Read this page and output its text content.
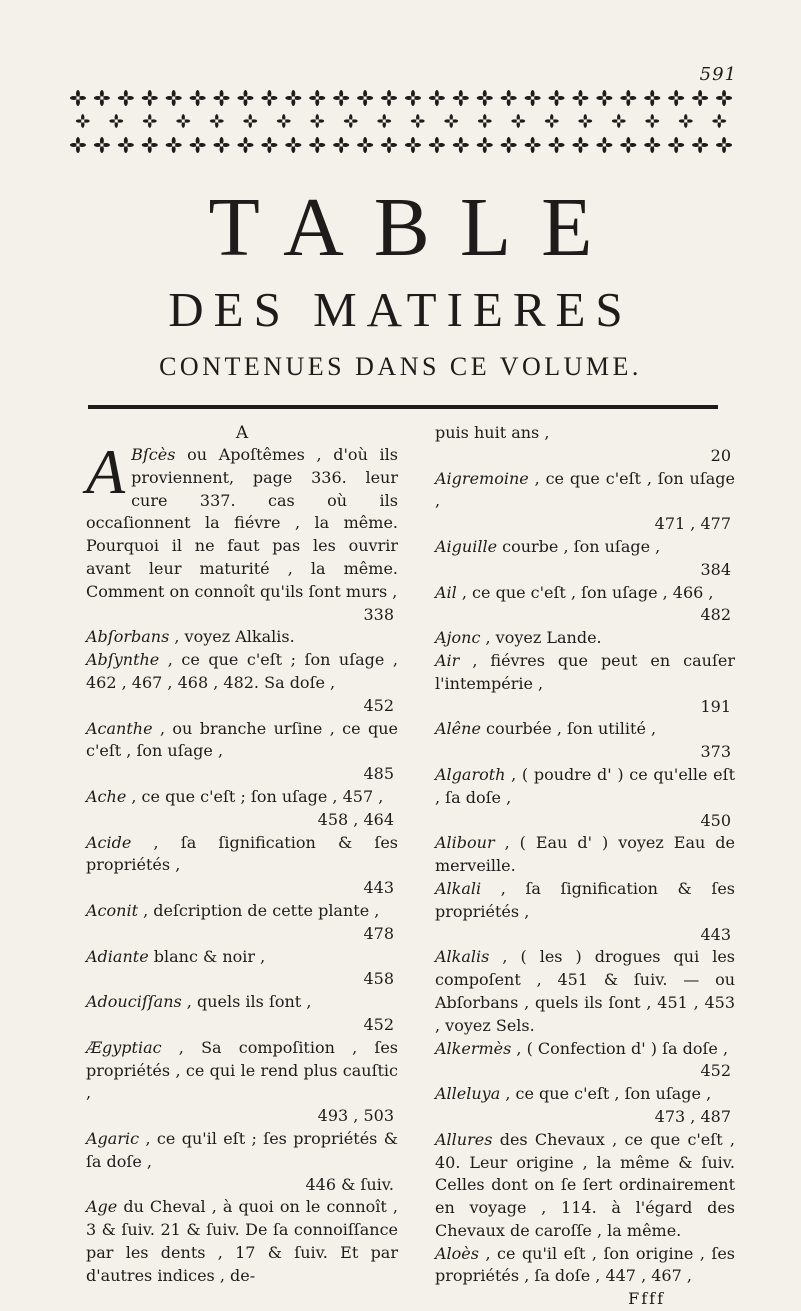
591
TABLE
DES MATIERES
CONTENUES DANS CE VOLUME.
A

A Bſcès ou Apoſtêmes , d'où ils proviennent, page 336. leur cure 337. cas où ils occaſionnent la fiévre , la même. Pourquoi il ne faut pas les ouvrir avant leur maturité , la même. Comment on connoît qu'ils ſont murs ,
338

Abſorbans , voyez Alkalis.

Abſynthe , ce que c'eſt ; ſon uſage , 462 , 467 , 468 , 482. Sa doſe ,
452

Acanthe , ou branche urſine , ce que c'eſt , ſon uſage ,
485

Ache , ce que c'eſt ; ſon uſage , 457 ,
458 , 464

Acide , ſa ſignification & ſes propriétés ,
443

Aconit , deſcription de cette plante ,
478

Adiante blanc & noir ,
458

Adouciſſans , quels ils ſont ,
452

Ægyptiac , Sa compoſition , ſes propriétés , ce qui le rend plus cauſtic ,
493 , 503

Agaric , ce qu'il eſt ; ſes propriétés & ſa doſe ,
446 & ſuiv.

Age du Cheval , à quoi on le connoît , 3 & ſuiv. 21 & ſuiv. De ſa connoiſſance par les dents , 17 & ſuiv. Et par d'autres indices , de-

puis huit ans ,
20

Aigremoine , ce que c'eſt , ſon uſage ,
471 , 477

Aiguille courbe , ſon uſage ,
384

Ail , ce que c'eſt , ſon uſage , 466 ,
482

Ajonc , voyez Lande.

Air , fiévres que peut en cauſer l'intempérie ,
191

Alêne courbée , ſon utilité ,
373

Algaroth , ( poudre d' ) ce qu'elle eſt , ſa doſe ,
450

Alibour , ( Eau d' ) voyez Eau de merveille.

Alkali , ſa ſignification & ſes propriétés ,
443

Alkalis , ( les ) drogues qui les compoſent , 451 & ſuiv. — ou Abſorbans , quels ils ſont , 451 , 453 , voyez Sels.

Alkermès , ( Confection d' ) ſa doſe ,
452

Alleluya , ce que c'eſt , ſon uſage ,
473 , 487

Allures des Chevaux , ce que c'eſt , 40. Leur origine , la même & ſuiv. Celles dont on ſe ſert ordinairement en voyage , 114. à l'égard des Chevaux de caroſſe , la même.

Aloès , ce qu'il eſt , ſon origine , ſes propriétés , ſa doſe , 447 , 467 ,

Ffff
